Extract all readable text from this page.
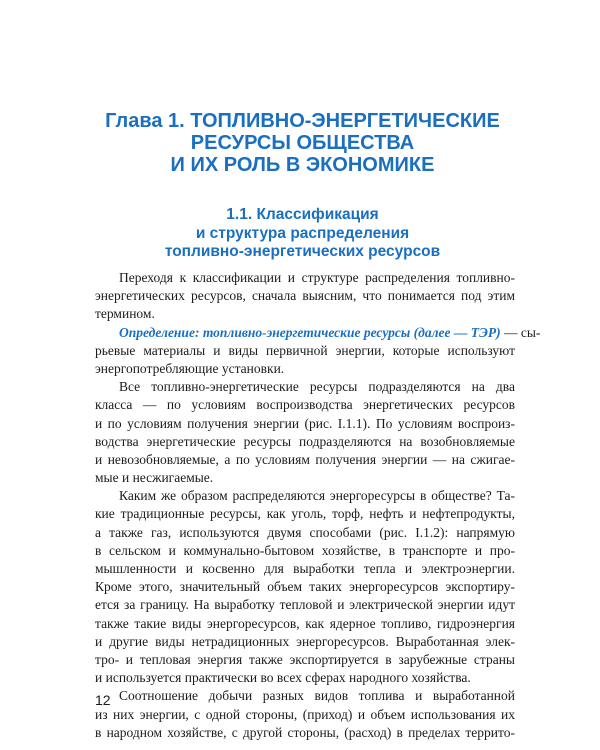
Глава 1. ТОПЛИВНО-ЭНЕРГЕТИЧЕСКИЕ
РЕСУРСЫ ОБЩЕСТВА
И ИХ РОЛЬ В ЭКОНОМИКЕ
1.1. Классификация
и структура распределения
топливно-энергетических ресурсов
Переходя к классификации и структуре распределения топливно-
энергетических ресурсов, сначала выясним, что понимается под этим
термином.
Определение: топливно-энергетические ресурсы (далее — ТЭР) — сы-
рьевые материалы и виды первичной энергии, которые используют
энергопотребляющие установки.
Все топливно-энергетические ресурсы подразделяются на два
класса — по условиям воспроизводства энергетических ресурсов
и по условиям получения энергии (рис. I.1.1). По условиям воспроиз-
водства энергетические ресурсы подразделяются на возобновляемые
и невозобновляемые, а по условиям получения энергии — на сжигае-
мые и несжигаемые.
Каким же образом распределяются энергоресурсы в обществе? Та-
кие традиционные ресурсы, как уголь, торф, нефть и нефтепродукты,
а также газ, используются двумя способами (рис. I.1.2): напрямую
в сельском и коммунально-бытовом хозяйстве, в транспорте и про-
мышленности и косвенно для выработки тепла и электроэнергии.
Кроме этого, значительный объем таких энергоресурсов экспортиру-
ется за границу. На выработку тепловой и электрической энергии идут
также такие виды энергоресурсов, как ядерное топливо, гидроэнергия
и другие виды нетрадиционных энергоресурсов. Выработанная элек-
тро- и тепловая энергия также экспортируется в зарубежные страны
и используется практически во всех сферах народного хозяйства.
Соотношение добычи разных видов топлива и выработанной
из них энергии, с одной стороны, (приход) и объем использования их
в народном хозяйстве, с другой стороны, (расход) в пределах террито-
12
